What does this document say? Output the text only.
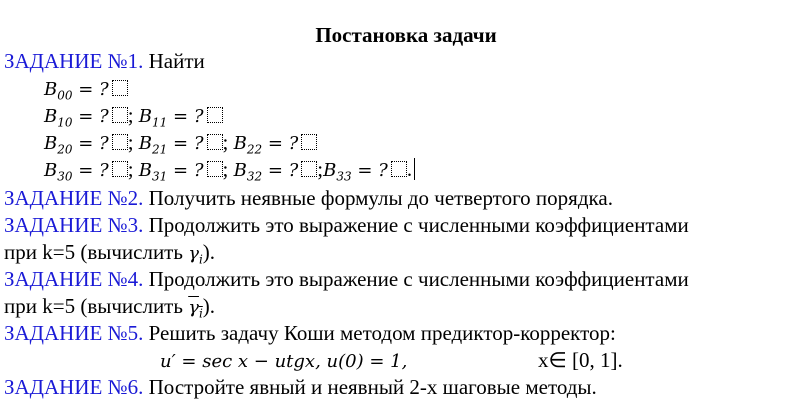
Постановка задачи
ЗАДАНИЕ №1. Найти
$B_{00}$ = ?
$B_{10}$ = ? ; $B_{11}$ = ?
$B_{20}$ = ? ; $B_{21}$ = ? ; $B_{22}$ = ?
$B_{30}$ = ? ; $B_{31}$ = ? ; $B_{32}$ = ? $;B_{33}$ = ? .
ЗАДАНИЕ №2. Получить неявные формулы до четвертого порядка.
ЗАДАНИЕ №3. Продолжить это выражение с численными коэффициентами
при k=5 (вычислить $\gamma_i$).
ЗАДАНИЕ №4. Продолжить это выражение с численными коэффициентами
при k=5 (вычислить $\gamma_i$).
ЗАДАНИЕ №5. Решить задачу Коши методом предиктор-корректор:
u′ = sec x − utgx, u(0) = 1,	x∈ [0, 1].
ЗАДАНИЕ №6. Постройте явный и неявный 2-х шаговые методы.
